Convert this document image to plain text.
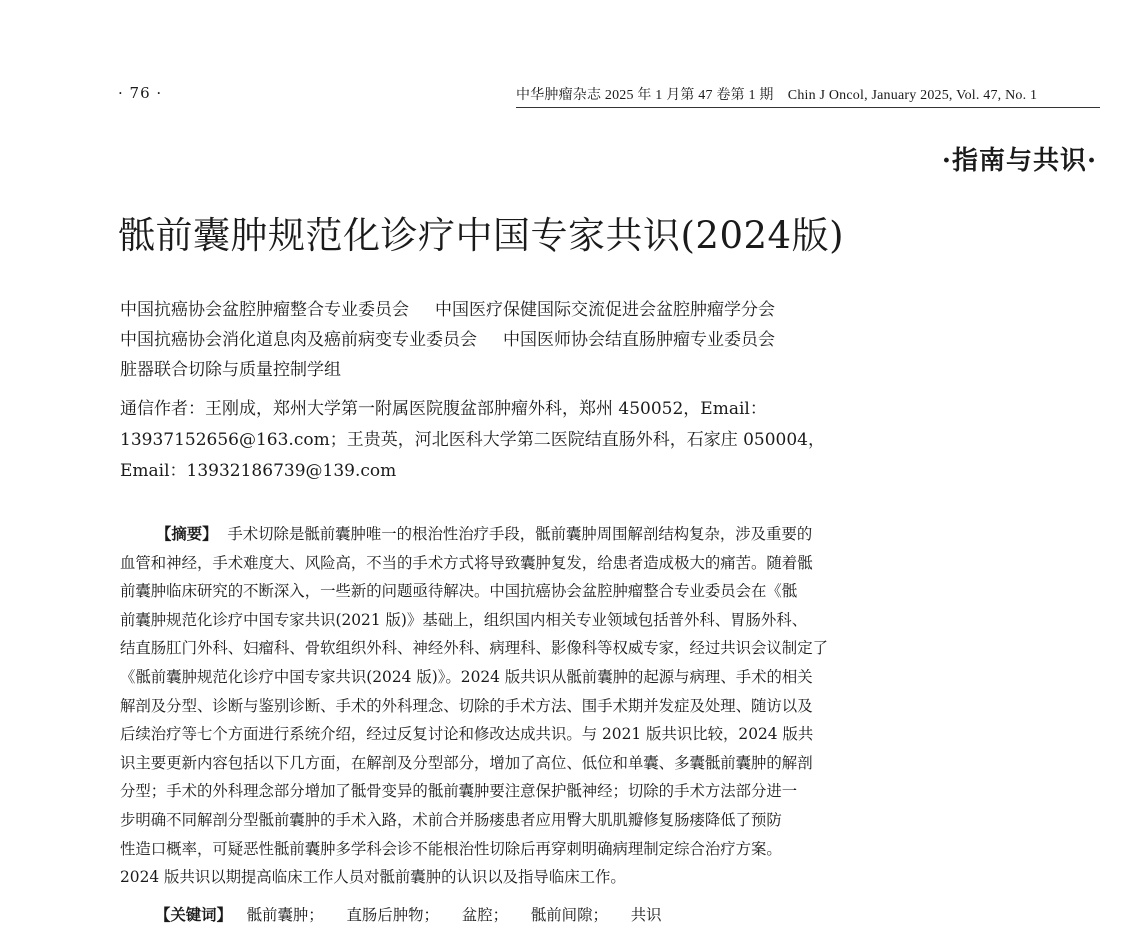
· 76 ·	中华肿瘤杂志 2025 年 1 月第 47 卷第 1 期　Chin J Oncol, January 2025, Vol. 47, No. 1
·指南与共识·
骶前囊肿规范化诊疗中国专家共识(2024版)
中国抗癌协会盆腔肿瘤整合专业委员会 中国医疗保健国际交流促进会盆腔肿瘤学分会
中国抗癌协会消化道息肉及癌前病变专业委员会 中国医师协会结直肠肿瘤专业委员会
脏器联合切除与质量控制学组
通信作者：王刚成，郑州大学第一附属医院腹盆部肿瘤外科，郑州 450052，Email：
13937152656@163.com；王贵英，河北医科大学第二医院结直肠外科，石家庄 050004，
Email：13932186739@139.com
【摘要】 手术切除是骶前囊肿唯一的根治性治疗手段，骶前囊肿周围解剖结构复杂，涉及重要的
血管和神经，手术难度大、风险高，不当的手术方式将导致囊肿复发，给患者造成极大的痛苦。随着骶
前囊肿临床研究的不断深入，一些新的问题亟待解决。中国抗癌协会盆腔肿瘤整合专业委员会在《骶
前囊肿规范化诊疗中国专家共识(2021 版)》基础上，组织国内相关专业领域包括普外科、胃肠外科、
结直肠肛门外科、妇瘤科、骨软组织外科、神经外科、病理科、影像科等权威专家，经过共识会议制定了
《骶前囊肿规范化诊疗中国专家共识(2024 版)》。2024 版共识从骶前囊肿的起源与病理、手术的相关
解剖及分型、诊断与鉴别诊断、手术的外科理念、切除的手术方法、围手术期并发症及处理、随访以及
后续治疗等七个方面进行系统介绍，经过反复讨论和修改达成共识。与 2021 版共识比较，2024 版共
识主要更新内容包括以下几方面，在解剖及分型部分，增加了高位、低位和单囊、多囊骶前囊肿的解剖
分型；手术的外科理念部分增加了骶骨变异的骶前囊肿要注意保护骶神经；切除的手术方法部分进一
步明确不同解剖分型骶前囊肿的手术入路，术前合并肠瘘患者应用臀大肌肌瓣修复肠瘘降低了预防
性造口概率，可疑恶性骶前囊肿多学科会诊不能根治性切除后再穿刺明确病理制定综合治疗方案。
2024 版共识以期提高临床工作人员对骶前囊肿的认识以及指导临床工作。
【关键词】 骶前囊肿； 直肠后肿物； 盆腔； 骶前间隙； 共识
